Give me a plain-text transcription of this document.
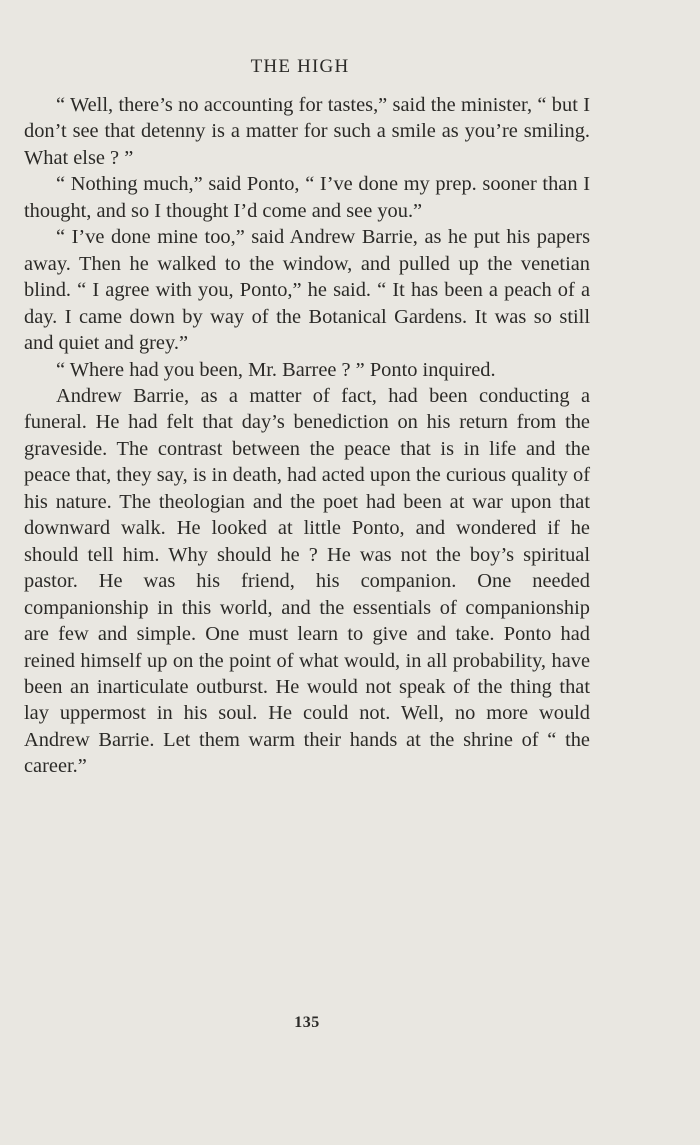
THE HIGH

“ Well, there’s no accounting for tastes,” said the minister, “ but I don’t see that detenny is a matter for such a smile as you’re smiling. What else ? ”

“ Nothing much,” said Ponto, “ I’ve done my prep. sooner than I thought, and so I thought I’d come and see you.”

“ I’ve done mine too,” said Andrew Barrie, as he put his papers away. Then he walked to the window, and pulled up the venetian blind. “ I agree with you, Ponto,” he said. “ It has been a peach of a day. I came down by way of the Botanical Gardens. It was so still and quiet and grey.”

“ Where had you been, Mr. Barree ? ” Ponto inquired.

Andrew Barrie, as a matter of fact, had been conducting a funeral. He had felt that day’s benediction on his return from the graveside. The contrast between the peace that is in life and the peace that, they say, is in death, had acted upon the curious quality of his nature. The theologian and the poet had been at war upon that downward walk. He looked at little Ponto, and wondered if he should tell him. Why should he ? He was not the boy’s spiritual pastor. He was his friend, his companion. One needed companionship in this world, and the essentials of companionship are few and simple. One must learn to give and take. Ponto had reined himself up on the point of what would, in all probability, have been an inarticulate outburst. He would not speak of the thing that lay uppermost in his soul. He could not. Well, no more would Andrew Barrie. Let them warm their hands at the shrine of “ the career.”

135
